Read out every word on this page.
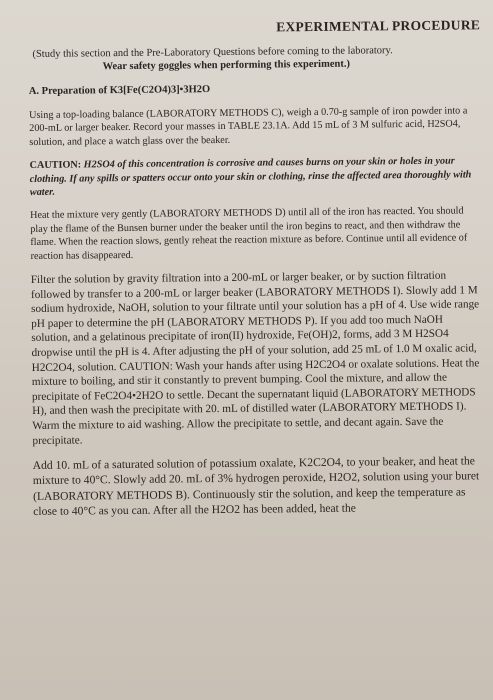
EXPERIMENTAL PROCEDURE
(Study this section and the Pre-Laboratory Questions before coming to the laboratory.
Wear safety goggles when performing this experiment.)
A. Preparation of K3[Fe(C2O4)3]•3H2O

Using a top-loading balance (LABORATORY METHODS C), weigh a 0.70-g sample of iron powder into a 200-mL or larger beaker. Record your masses in TABLE 23.1A. Add 15 mL of 3 M sulfuric acid, H2SO4, solution, and place a watch glass over the beaker.

CAUTION: H2SO4 of this concentration is corrosive and causes burns on your skin or holes in your clothing. If any spills or spatters occur onto your skin or clothing, rinse the affected area thoroughly with water.

Heat the mixture very gently (LABORATORY METHODS D) until all of the iron has reacted. You should play the flame of the Bunsen burner under the beaker until the iron begins to react, and then withdraw the flame. When the reaction slows, gently reheat the reaction mixture as before. Continue until all evidence of reaction has disappeared.

Filter the solution by gravity filtration into a 200-mL or larger beaker, or by suction filtration followed by transfer to a 200-mL or larger beaker (LABORATORY METHODS I). Slowly add 1 M sodium hydroxide, NaOH, solution to your filtrate until your solution has a pH of 4. Use wide range pH paper to determine the pH (LABORATORY METHODS P). If you add too much NaOH solution, and a gelatinous precipitate of iron(II) hydroxide, Fe(OH)2, forms, add 3 M H2SO4 dropwise until the pH is 4. After adjusting the pH of your solution, add 25 mL of 1.0 M oxalic acid, H2C2O4, solution. CAUTION: Wash your hands after using H2C2O4 or oxalate solutions. Heat the mixture to boiling, and stir it constantly to prevent bumping. Cool the mixture, and allow the precipitate of FeC2O4•2H2O to settle. Decant the supernatant liquid (LABORATORY METHODS H), and then wash the precipitate with 20. mL of distilled water (LABORATORY METHODS I). Warm the mixture to aid washing. Allow the precipitate to settle, and decant again. Save the precipitate.

Add 10. mL of a saturated solution of potassium oxalate, K2C2O4, to your beaker, and heat the mixture to 40°C. Slowly add 20. mL of 3% hydrogen peroxide, H2O2, solution using your buret (LABORATORY METHODS B). Continuously stir the solution, and keep the temperature as close to 40°C as you can. After all the H2O2 has been added, heat the
